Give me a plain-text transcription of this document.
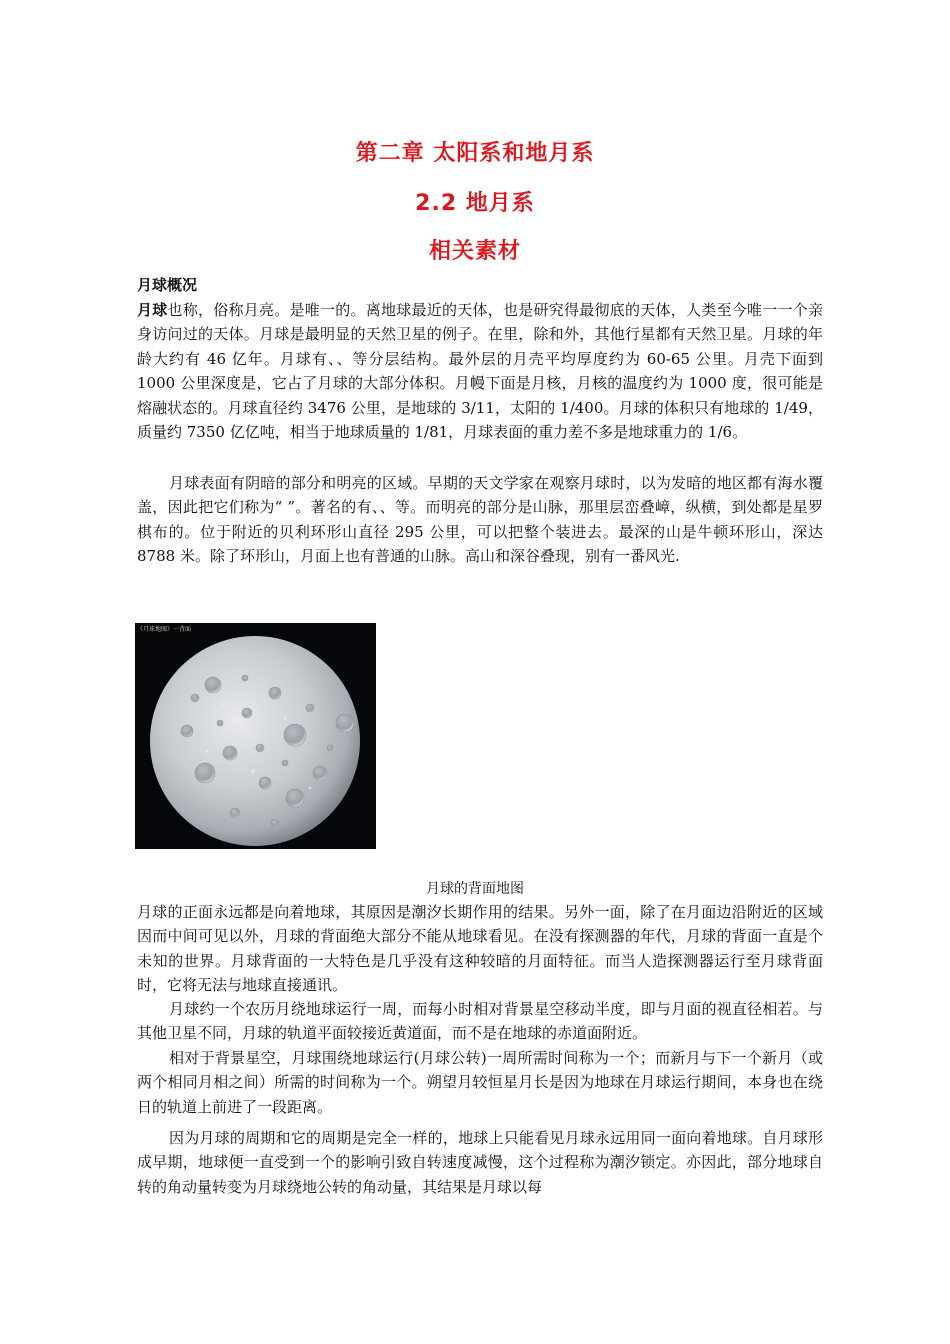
第二章 太阳系和地月系
2.2 地月系
相关素材
月球概况

月球也称，俗称月亮。是唯一的。离地球最近的天体，也是研究得最彻底的天体，人类至今唯一一个亲身访问过的天体。月球是最明显的天然卫星的例子。在里，除和外，其他行星都有天然卫星。月球的年龄大约有 46 亿年。月球有、、等分层结构。最外层的月壳平均厚度约为 60-65 公里。月壳下面到 1000 公里深度是，它占了月球的大部分体积。月幔下面是月核，月核的温度约为 1000 度，很可能是熔融状态的。月球直径约 3476 公里，是地球的 3/11，太阳的 1/400。月球的体积只有地球的 1/49，质量约 7350 亿亿吨，相当于地球质量的 1/81，月球表面的重力差不多是地球重力的 1/6。

月球表面有阴暗的部分和明亮的区域。早期的天文学家在观察月球时，以为发暗的地区都有海水覆盖，因此把它们称为“ ”。著名的有、、等。而明亮的部分是山脉，那里层峦叠嶂，纵横，到处都是星罗棋布的。位于附近的贝利环形山直径 295 公里，可以把整个装进去。最深的山是牛顿环形山，深达 8788 米。除了环形山，月面上也有普通的山脉。高山和深谷叠现，别有一番风光.

《月球地图》一背面
月球的背面地图

月球的正面永远都是向着地球，其原因是潮汐长期作用的结果。另外一面，除了在月面边沿附近的区域因而中间可见以外，月球的背面绝大部分不能从地球看见。在没有探测器的年代，月球的背面一直是个未知的世界。月球背面的一大特色是几乎没有这种较暗的月面特征。而当人造探测器运行至月球背面时，它将无法与地球直接通讯。

月球约一个农历月绕地球运行一周，而每小时相对背景星空移动半度，即与月面的视直径相若。与其他卫星不同，月球的轨道平面较接近黄道面，而不是在地球的赤道面附近。

相对于背景星空，月球围绕地球运行(月球公转)一周所需时间称为一个；而新月与下一个新月（或两个相同月相之间）所需的时间称为一个。朔望月较恒星月长是因为地球在月球运行期间，本身也在绕日的轨道上前进了一段距离。

因为月球的周期和它的周期是完全一样的，地球上只能看见月球永远用同一面向着地球。自月球形成早期，地球便一直受到一个的影响引致自转速度减慢，这个过程称为潮汐锁定。亦因此，部分地球自转的角动量转变为月球绕地公转的角动量，其结果是月球以每
